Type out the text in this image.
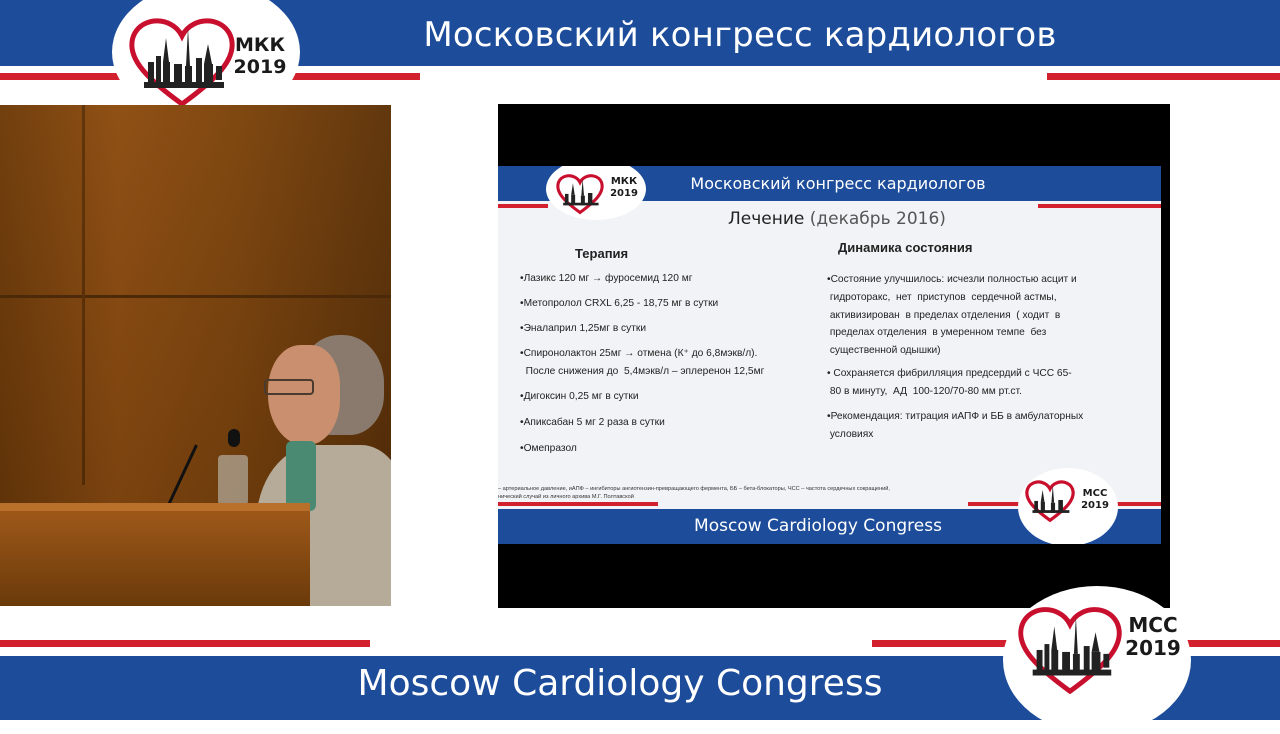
Московский конгресс кардиологов
МКК
2019
Московский конгресс кардиологов
МКК
2019
Лечение (декабрь 2016)
Терапия
•Лазикс 120 мг → фуросемид 120 мг
•Метопролол CRXL 6,25 - 18,75 мг в сутки
•Эналаприл 1,25мг в сутки
•Спиронолактон 25мг → отмена (К⁺ до 6,8мэкв/л).
После снижения до  5,4мэкв/л – эплеренон 12,5мг
•Дигоксин 0,25 мг в сутки
•Апиксабан 5 мг 2 раза в сутки
•Омепразол
Динамика состояния
•Состояние улучшилось: исчезли полностью асцит и
гидроторакс,  нет  приступов  сердечной астмы,
активизирован  в пределах отделения  ( ходит  в
пределах отделения  в умеренном темпе  без
существенной одышки)
• Сохраняется фибрилляция предсердий с ЧСС 65-
80 в минуту,  АД  100-120/70-80 мм рт.ст.
•Рекомендация: титрация иАПФ и ББ в амбулаторных
условиях
– артериальное давление, иАПФ – ингибиторы ангиотензин-превращающего фермента, ББ – бета-блокаторы, ЧСС – частота сердечных сокращений,
нический случай из личного архива М.Г. Полтавской
Moscow Cardiology Congress
MCC
2019
Moscow Cardiology Congress
MCC
2019
